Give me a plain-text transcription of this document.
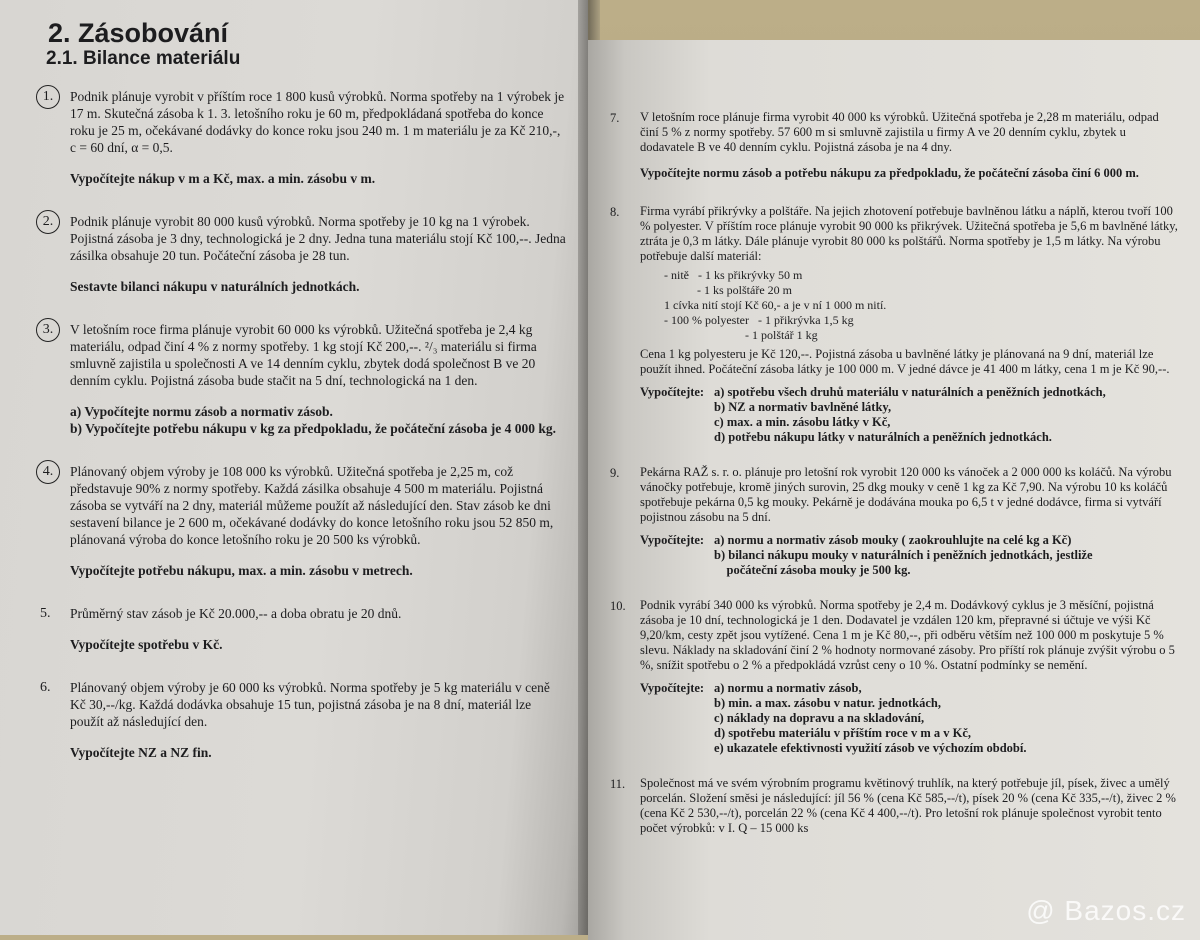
2. Zásobování
2.1. Bilance materiálu
1.	Podnik plánuje vyrobit v příštím roce 1 800 kusů výrobků. Norma spotřeby na 1 výrobek je 17 m. Skutečná zásoba k 1. 3. letošního roku je 60 m, předpokládaná spotřeba do konce roku je 25 m, očekávané dodávky do konce roku jsou 240 m. 1 m materiálu je za Kč 210,-, c = 60 dní, α = 0,5.
Vypočítejte nákup v m a Kč, max. a min. zásobu v m.
2.	Podnik plánuje vyrobit 80 000 kusů výrobků. Norma spotřeby je 10 kg na 1 výrobek. Pojistná zásoba je 3 dny, technologická je 2 dny. Jedna tuna materiálu stojí Kč 100,--. Jedna zásilka obsahuje 20 tun. Počáteční zásoba je 28 tun.
Sestavte bilanci nákupu v naturálních jednotkách.
3.	V letošním roce firma plánuje vyrobit 60 000 ks výrobků. Užitečná spotřeba je 2,4 kg materiálu, odpad činí 4 % z normy spotřeby. 1 kg stojí Kč 200,--. ²/₃ materiálu si firma smluvně zajistila u společnosti A ve 14 denním cyklu, zbytek dodá společnost B ve 20 denním cyklu. Pojistná zásoba bude stačit na 5 dní, technologická na 1 den.
a) Vypočítejte normu zásob a normativ zásob.
b) Vypočítejte potřebu nákupu v kg za předpokladu, že počáteční zásoba je 4 000 kg.
4.	Plánovaný objem výroby je 108 000 ks výrobků. Užitečná spotřeba je 2,25 m, což představuje 90% z normy spotřeby. Každá zásilka obsahuje 4 500 m materiálu. Pojistná zásoba se vytváří na 2 dny, materiál můžeme použít až následující den. Stav zásob ke dni sestavení bilance je 2 600 m, očekávané dodávky do konce letošního roku jsou 52 850 m, plánovaná výroba do konce letošního roku je 20 500 ks výrobků.
Vypočítejte potřebu nákupu, max. a min. zásobu v metrech.
5.	Průměrný stav zásob je Kč 20.000,-- a doba obratu je 20 dnů.
Vypočítejte spotřebu v Kč.
6.	Plánovaný objem výroby je 60 000 ks výrobků. Norma spotřeby je 5 kg materiálu v ceně Kč 30,--/kg. Každá dodávka obsahuje 15 tun, pojistná zásoba je na 8 dní, materiál lze použít až následující den.
Vypočítejte NZ a NZ fin.
7.	V letošním roce plánuje firma vyrobit 40 000 ks výrobků. Užitečná spotřeba je 2,28 m materiálu, odpad činí 5 % z normy spotřeby. 57 600 m si smluvně zajistila u firmy A ve 20 denním cyklu, zbytek u dodavatele B ve 40 denním cyklu. Pojistná zásoba je na 4 dny.
Vypočítejte normu zásob a potřebu nákupu za předpokladu, že počáteční zásoba činí 6 000 m.
8.	Firma vyrábí přikrývky a polštáře. Na jejich zhotovení potřebuje bavlněnou látku a náplň, kterou tvoří 100 % polyester. V příštím roce plánuje vyrobit 90 000 ks přikrývek. Užitečná spotřeba je 5,6 m bavlněné látky, ztráta je 0,3 m látky. Dále plánuje vyrobit 80 000 ks polštářů. Norma spotřeby je 1,5 m látky. Na výrobu potřebuje další materiál:
- nitě   - 1 ks přikrývky 50 m
- 1 ks polštáře 20 m
1 cívka nití stojí Kč 60,- a je v ní 1 000 m nití.
- 100 % polyester   - 1 přikrývka 1,5 kg
- 1 polštář 1 kg
Cena 1 kg polyesteru je Kč 120,--. Pojistná zásoba u bavlněné látky je plánovaná na 9 dní, materiál lze použít ihned. Počáteční zásoba látky je 100 000 m. V jedné dávce je 41 400 m látky, cena 1 m je Kč 90,--.
Vypočítejte: a) spotřebu všech druhů materiálu v naturálních a peněžních jednotkách,
b) NZ a normativ bavlněné látky,
c) max. a min. zásobu látky v Kč,
d) potřebu nákupu látky v naturálních a peněžních jednotkách.
9.	Pekárna RAŽ s. r. o. plánuje pro letošní rok vyrobit 120 000 ks vánoček a 2 000 000 ks koláčů. Na výrobu vánočky potřebuje, kromě jiných surovin, 25 dkg mouky v ceně 1 kg za Kč 7,90. Na výrobu 10 ks koláčů spotřebuje pekárna 0,5 kg mouky. Pekárně je dodávána mouka po 6,5 t v jedné dodávce, firma si vytváří pojistnou zásobu na 5 dní.
Vypočítejte: a) normu a normativ zásob mouky ( zaokrouhlujte na celé kg a Kč)
b) bilanci nákupu mouky v naturálních i peněžních jednotkách, jestliže
počáteční zásoba mouky je 500 kg.
10.	Podnik vyrábí 340 000 ks výrobků. Norma spotřeby je 2,4 m. Dodávkový cyklus je 3 měsíční, pojistná zásoba je 10 dní, technologická je 1 den. Dodavatel je vzdálen 120 km, přepravné si účtuje ve výši Kč 9,20/km, cesty zpět jsou vytížené. Cena 1 m je Kč 80,--, při odběru větším než 100 000 m poskytuje 5 % slevu. Náklady na skladování činí 2 % hodnoty normované zásoby. Pro příští rok plánuje zvýšit výrobu o 5 %, snížit spotřebu o 2 % a předpokládá vzrůst ceny o 10 %. Ostatní podmínky se nemění.
Vypočítejte: a) normu a normativ zásob,
b) min. a max. zásobu v natur. jednotkách,
c) náklady na dopravu a na skladování,
d) spotřebu materiálu v příštím roce v m a v Kč,
e) ukazatele efektivnosti využití zásob ve výchozím období.
11.	Společnost má ve svém výrobním programu květinový truhlík, na který potřebuje jíl, písek, živec a umělý porcelán. Složení směsi je následující: jíl 56 % (cena Kč 585,--/t), písek 20 % (cena Kč 335,--/t), živec 2 % (cena Kč 2 530,--/t), porcelán 22 % (cena Kč 4 400,--/t). Pro letošní rok plánuje společnost vyrobit tento počet výrobků: v I. Q – 15 000 ks
@ Bazos.cz
